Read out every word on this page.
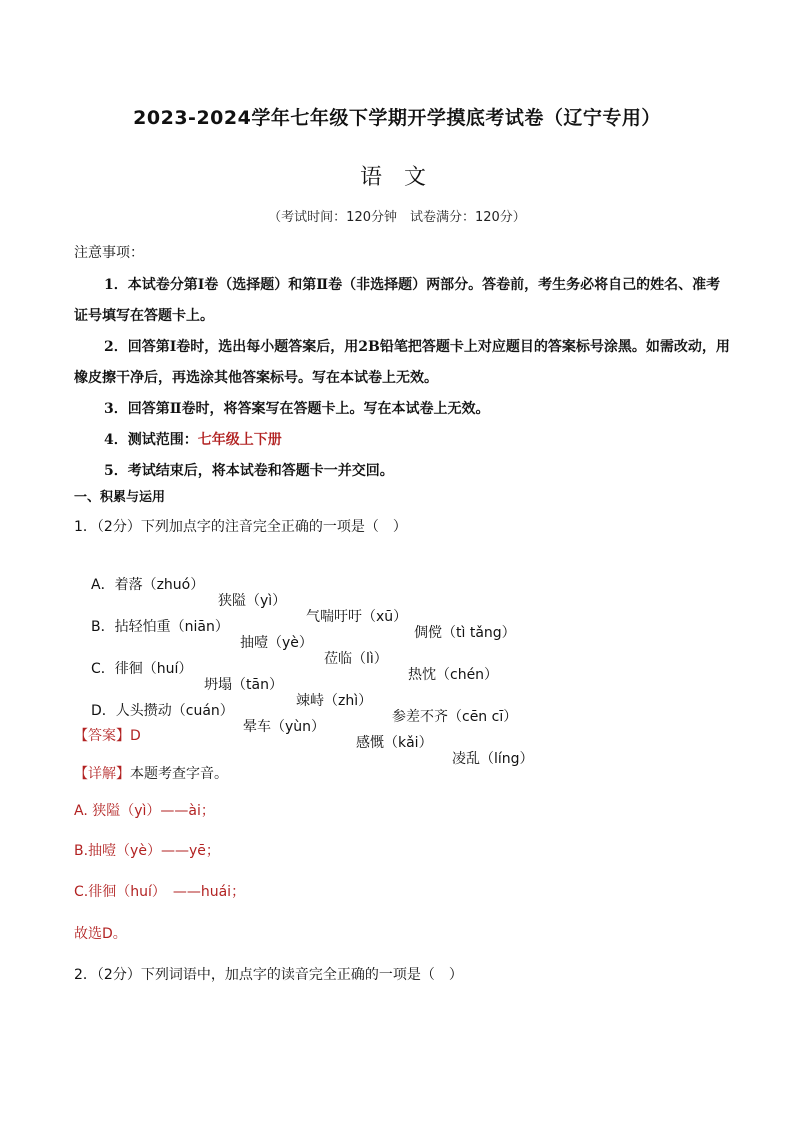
2023-2024学年七年级下学期开学摸底考试卷（辽宁专用）
语文
（考试时间：120分钟　试卷满分：120分）
注意事项：
1．本试卷分第Ⅰ卷（选择题）和第Ⅱ卷（非选择题）两部分。答卷前，考生务必将自己的姓名、准考证号填写在答题卡上。
2．回答第Ⅰ卷时，选出每小题答案后，用2B铅笔把答题卡上对应题目的答案标号涂黑。如需改动，用橡皮擦干净后，再选涂其他答案标号。写在本试卷上无效。
3．回答第Ⅱ卷时，将答案写在答题卡上。写在本试卷上无效。
4．测试范围：七年级上下册
5．考试结束后，将本试卷和答题卡一并交回。
一、积累与运用
1．（2分）下列加点字的注音完全正确的一项是（　）

A．着落（zhuó）

狭隘（yì）

气喘吁吁（xū）

倜傥（tì tǎng）

B．拈轻怕重（niān）

抽噎（yè）

莅临（lì）

热忱（chén）

C．徘徊（huí）

坍塌（tān）

竦峙（zhì）

参差不齐（cēn cī）

D．人头攒动（cuán）

晕车（yùn）

感慨（kǎi）

凌乱（líng）

【答案】D
【详解】本题考查字音。
A. 狭隘（yì）——ài；
B.抽噎（yè）——yē；
C.徘徊（huí）　——huái；
故选D。
2．（2分）下列词语中，加点字的读音完全正确的一项是（　）
